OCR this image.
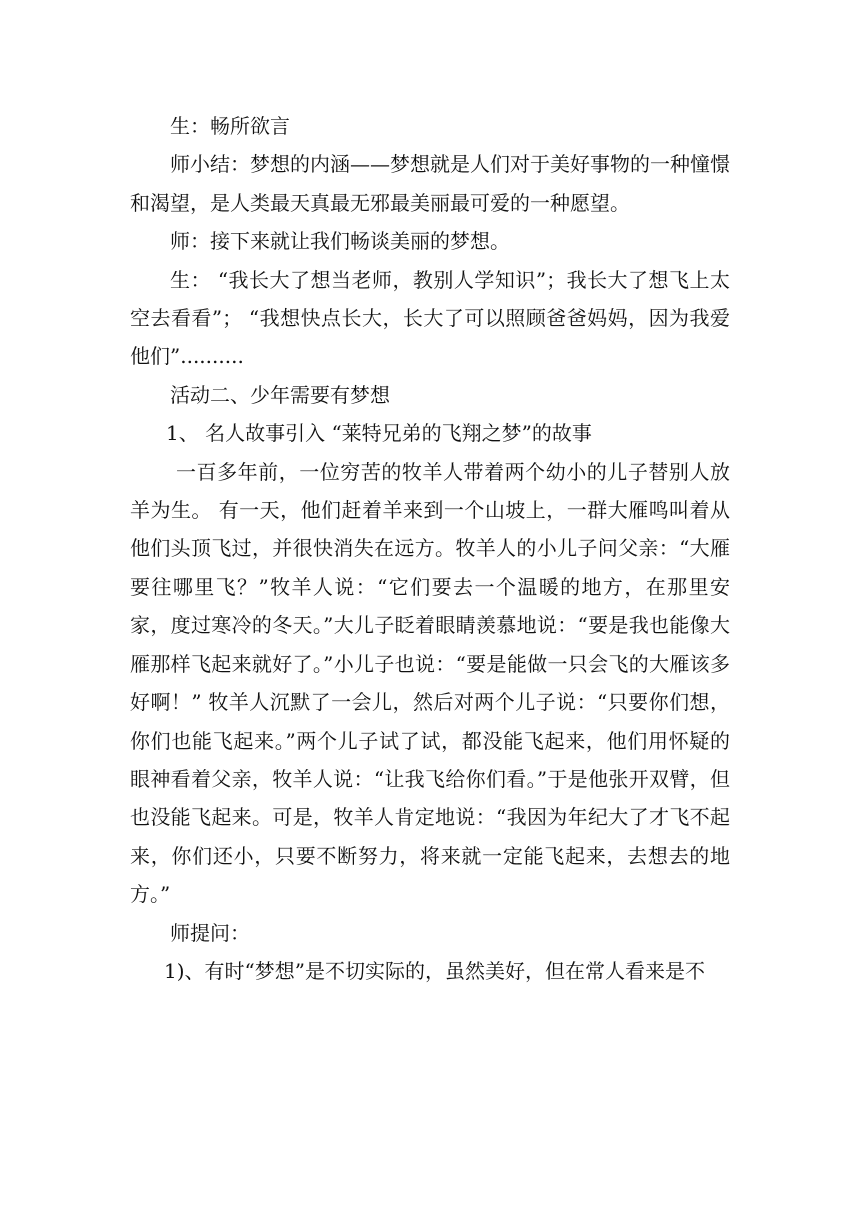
生：畅所欲言

师小结：梦想的内涵——梦想就是人们对于美好事物的一种憧憬和渴望，是人类最天真最无邪最美丽最可爱的一种愿望。

师：接下来就让我们畅谈美丽的梦想。

生： “我长大了想当老师，教别人学知识”；我长大了想飞上太空去看看”； “我想快点长大，长大了可以照顾爸爸妈妈，因为我爱他们”..........

活动二、少年需要有梦想

1、 名人故事引入 “莱特兄弟的飞翔之梦”的故事

一百多年前，一位穷苦的牧羊人带着两个幼小的儿子替别人放羊为生。 有一天，他们赶着羊来到一个山坡上，一群大雁鸣叫着从他们头顶飞过，并很快消失在远方。牧羊人的小儿子问父亲：“大雁要往哪里飞？”牧羊人说：“它们要去一个温暖的地方，在那里安家，度过寒冷的冬天。”大儿子眨着眼睛羡慕地说：“要是我也能像大雁那样飞起来就好了。”小儿子也说：“要是能做一只会飞的大雁该多好啊！” 牧羊人沉默了一会儿，然后对两个儿子说：“只要你们想，你们也能飞起来。”两个儿子试了试，都没能飞起来，他们用怀疑的眼神看着父亲，牧羊人说：“让我飞给你们看。”于是他张开双臂，但也没能飞起来。可是，牧羊人肯定地说：“我因为年纪大了才飞不起来，你们还小，只要不断努力，将来就一定能飞起来，去想去的地方。”

师提问：

1)、有时“梦想”是不切实际的，虽然美好，但在常人看来是不
